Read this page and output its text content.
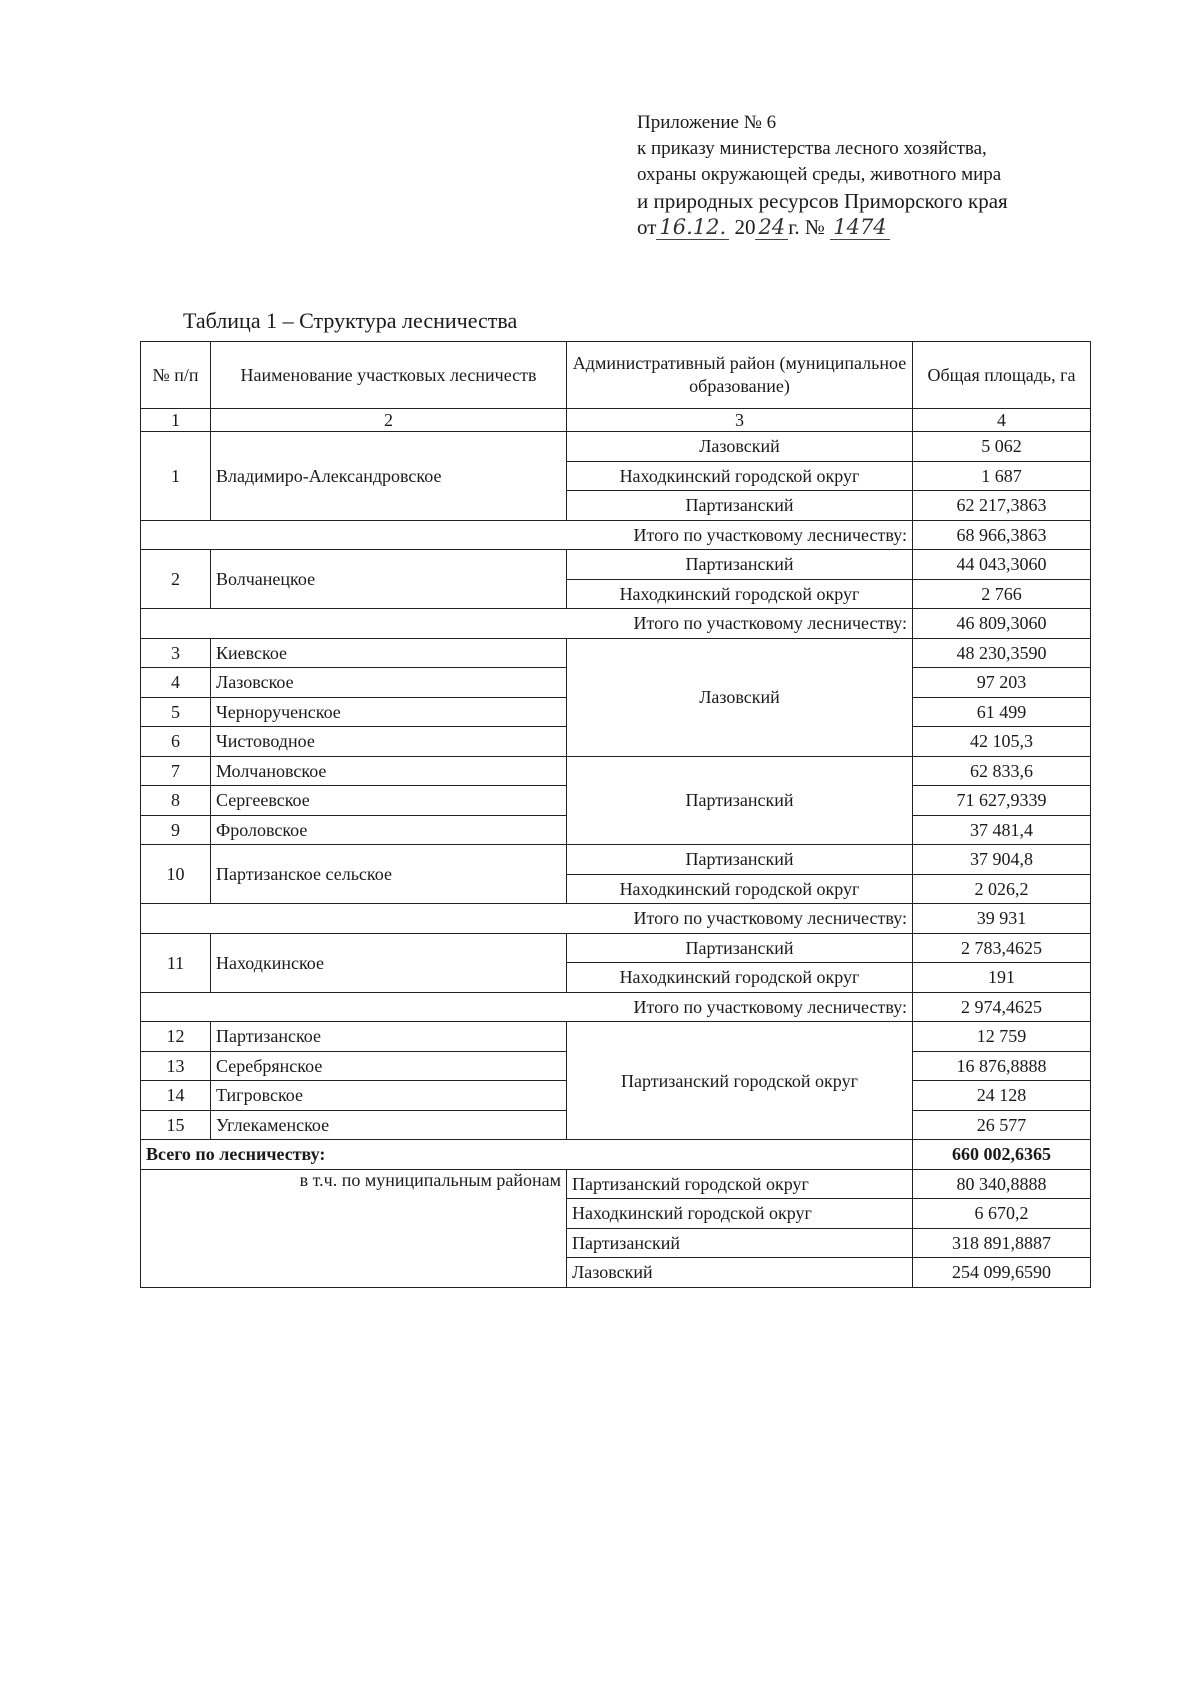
Приложение № 6
к приказу министерства лесного хозяйства,
охраны окружающей среды, животного мира
и природных ресурсов Приморского края
от 16.12. 20 24 г. № 1474
Таблица 1 – Структура лесничества
№ п/п	Наименование участковых лесничеств	Административный район (муниципальное образование)	Общая площадь, га
1	2	3	4
1	Владимиро-Александровское	Лазовский	5 062
		Находкинский городской округ	1 687
		Партизанский	62 217,3863
Итого по участковому лесничеству:			68 966,3863
2	Волчанецкое	Партизанский	44 043,3060
		Находкинский городской округ	2 766
Итого по участковому лесничеству:			46 809,3060
3	Киевское	Лазовский	48 230,3590
4	Лазовское		97 203
5	Чернорученское		61 499
6	Чистоводное		42 105,3
7	Молчановское	Партизанский	62 833,6
8	Сергеевское		71 627,9339
9	Фроловское		37 481,4
10	Партизанское сельское	Партизанский	37 904,8
		Находкинский городской округ	2 026,2
Итого по участковому лесничеству:			39 931
11	Находкинское	Партизанский	2 783,4625
		Находкинский городской округ	191
Итого по участковому лесничеству:			2 974,4625
12	Партизанское	Партизанский городской округ	12 759
13	Серебрянское		16 876,8888
14	Тигровское		24 128
15	Углекаменское		26 577
Всего по лесничеству:			660 002,6365
в т.ч. по муниципальным районам		Партизанский городской округ	80 340,8888
		Находкинский городской округ	6 670,2
		Партизанский	318 891,8887
		Лазовский	254 099,6590
